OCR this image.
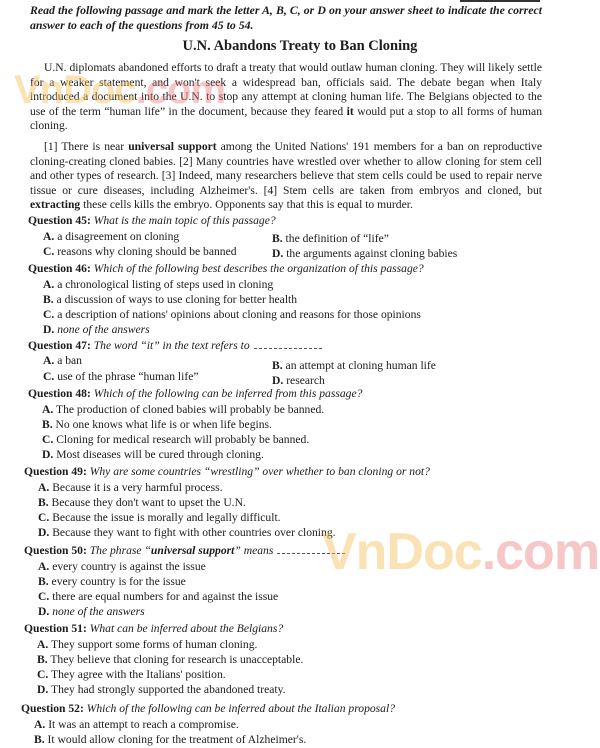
Read the following passage and mark the letter A, B, C, or D on your answer sheet to indicate the correct answer to each of the questions from 45 to 54.
U.N. Abandons Treaty to Ban Cloning
U.N. diplomats abandoned efforts to draft a treaty that would outlaw human cloning. They will likely settle for a weaker statement, and won't seek a widespread ban, officials said. The debate began when Italy introduced a document into the U.N. to stop any attempt at cloning human life. The Belgians objected to the use of the term “human life” in the document, because they feared it would put a stop to all forms of human cloning.
[1] There is near universal support among the United Nations' 191 members for a ban on reproductive cloning-creating cloned babies. [2] Many countries have wrestled over whether to allow cloning for stem cell and other types of research. [3] Indeed, many researchers believe that stem cells could be used to repair nerve tissue or cure diseases, including Alzheimer's. [4] Stem cells are taken from embryos and cloned, but extracting these cells kills the embryo. Opponents say that this is equal to murder.
Question 45: What is the main topic of this passage?
A. a disagreement on cloning	B. the definition of “life”
C. reasons why cloning should be banned	D. the arguments against cloning babies
Question 46: Which of the following best describes the organization of this passage?
A. a chronological listing of steps used in cloning
B. a discussion of ways to use cloning for better health
C. a description of nations' opinions about cloning and reasons for those opinions
D. none of the answers
Question 47: The word “it” in the text refers to
A. a ban	B. an attempt at cloning human life
C. use of the phrase “human life”	D. research
Question 48: Which of the following can be inferred from this passage?
A. The production of cloned babies will probably be banned.
B. No one knows what life is or when life begins.
C. Cloning for medical research will probably be banned.
D. Most diseases will be cured through cloning.
Question 49: Why are some countries “wrestling” over whether to ban cloning or not?
A. Because it is a very harmful process.
B. Because they don't want to upset the U.N.
C. Because the issue is morally and legally difficult.
D. Because they want to fight with other countries over cloning.
Question 50: The phrase “universal support” means
A. every country is against the issue
B. every country is for the issue
C. there are equal numbers for and against the issue
D. none of the answers
Question 51: What can be inferred about the Belgians?
A. They support some forms of human cloning.
B. They believe that cloning for research is unacceptable.
C. They agree with the Italians' position.
D. They had strongly supported the abandoned treaty.
Question 52: Which of the following can be inferred about the Italian proposal?
A. It was an attempt to reach a compromise.
B. It would allow cloning for the treatment of Alzheimer's.
VnDoc.com
VnDoc.com
